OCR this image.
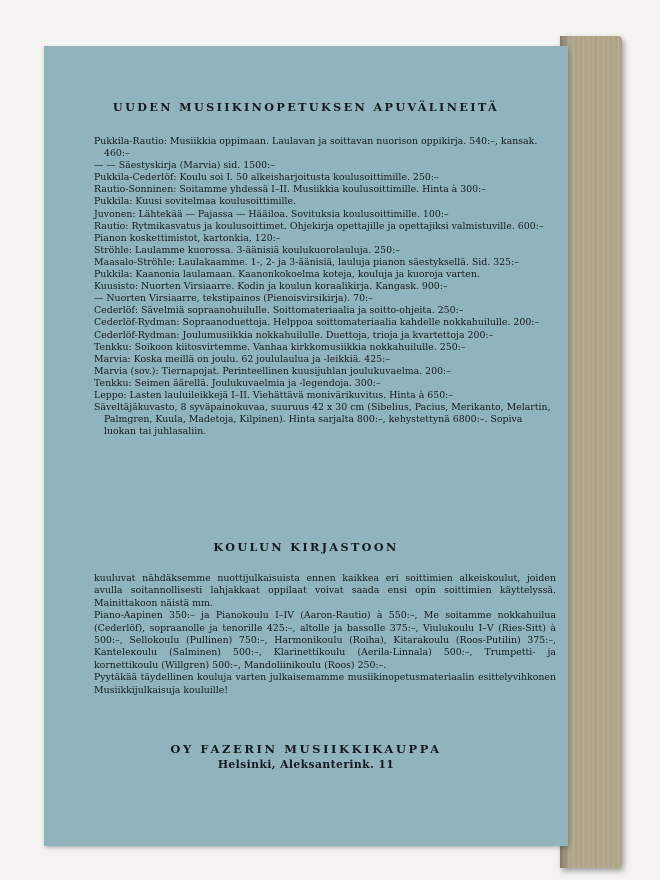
UUDEN MUSIIKINOPETUKSEN APUVÄLINEITÄ

Pukkila-Rautio: Musiikkia oppimaan. Laulavan ja soittavan nuorison oppikirja. 540:–, kansak. 460:–

— — Säestyskirja (Marvia) sid. 1500:–

Pukkila-Cederlöf: Koulu soi I. 50 alkeisharjoitusta koulusoittimille. 250:–

Rautio-Sonninen: Soitamme yhdessä I–II. Musiikkia koulusoittimille. Hinta à 300:–

Pukkila: Kuusi sovitelmaa koulusoittimille.

Juvonen: Lähtekää — Pajassa — Hääiloa. Sovituksia koulusoittimille. 100:–

Rautio: Rytmikasvatus ja koulusoittimet. Ohjekirja opettajille ja opettajiksi valmistuville. 600:–

Pianon koskettimistot, kartonkia, 120:–

Ströhle: Laulamme kuorossa. 3-äänisiä koulukuorolauluja. 250:–

Maasalo-Ströhle: Laulakaamme. 1-, 2- ja 3-äänisiä, lauluja pianon säestyksellä. Sid. 325:–

Pukkila: Kaanonia laulamaan. Kaanonkokoelma koteja, kouluja ja kuoroja varten.

Kuusisto: Nuorten Virsiaarre. Kodin ja koulun koraalikirja. Kangask. 900:–

— Nuorten Virsiaarre, tekstipainos (Pienoisvirsikirja). 70:–

Cederlöf: Sävelmiä sopraanohuilulle. Soittomateriaalia ja soitto-ohjeita. 250:–

Cederlöf-Rydman: Sopraanoduettoja. Helppoa soittomateriaalia kahdelle nokkahuilulle. 200:–

Cederlöf-Rydman: Joulumusiikkia nokkahuilulle. Duettoja, trioja ja kvartettoja 200:–

Tenkku: Soikoon kiitosvirtemme. Vanhaa kirkkomusiikkia nokkahuilulle. 250:–

Marvia: Koska meillä on joulu. 62 joululaulua ja -leikkiä. 425:–

Marvia (sov.): Tiernapojat. Perinteellinen kuusijuhlan joulukuvaelma. 200:–

Tenkku: Seimen äärellä. Joulukuvaelmia ja -legendoja. 300:–

Leppo: Lasten lauluileikkejä I–II. Viehättävä monivärikuvitus. Hinta à 650:–

Säveltäjäkuvasto, 8 syväpainokuvaa, suuruus 42 x 30 cm (Sibelius, Pacius, Merikanto, Melartin, Palmgren, Kuula, Madetoja, Kilpinen). Hinta sarjalta 800:–, kehystettynä 6800:–. Sopiva luokan tai juhlasaliin.

KOULUN KIRJASTOON

kuuluvat nähdäksemme nuottijulkaisuista ennen kaikkea eri soittimien alkeiskoulut, joiden avulla soitannollisesti lahjakkaat oppilaat voivat saada ensi opin soittimien käyttelyssä. Mainittakoon näistä mm.

Piano-Aapinen 350:– ja Pianokoulu I–IV (Aaron-Rautio) à 550:–, Me soitamme nokkahuilua (Cederlöf), sopraanolle ja tenorille 425:–, altolle ja bassolle 375:–, Viulukoulu I–V (Ries-Sitt) à 500:–, Sellokoulu (Pullinen) 750:–, Harmonikoulu (Roiha), Kitarakoulu (Roos-Putilin) 375:–, Kanteleкoulu (Salminen) 500:–, Klarinettikoulu (Aerila-Linnala) 500:–, Trumpetti- ja kornettikoulu (Willgren) 500:–, Mandoliinikoulu (Roos) 250:–.

Pyytäkää täydellinen kouluja varten julkaisemamme musiikinopetusmateriaalin esittelyvihkonen Musiikkijulkaisuja kouluille!

OY FAZERIN MUSIIKKIKAUPPA
Helsinki, Aleksanterink. 11
